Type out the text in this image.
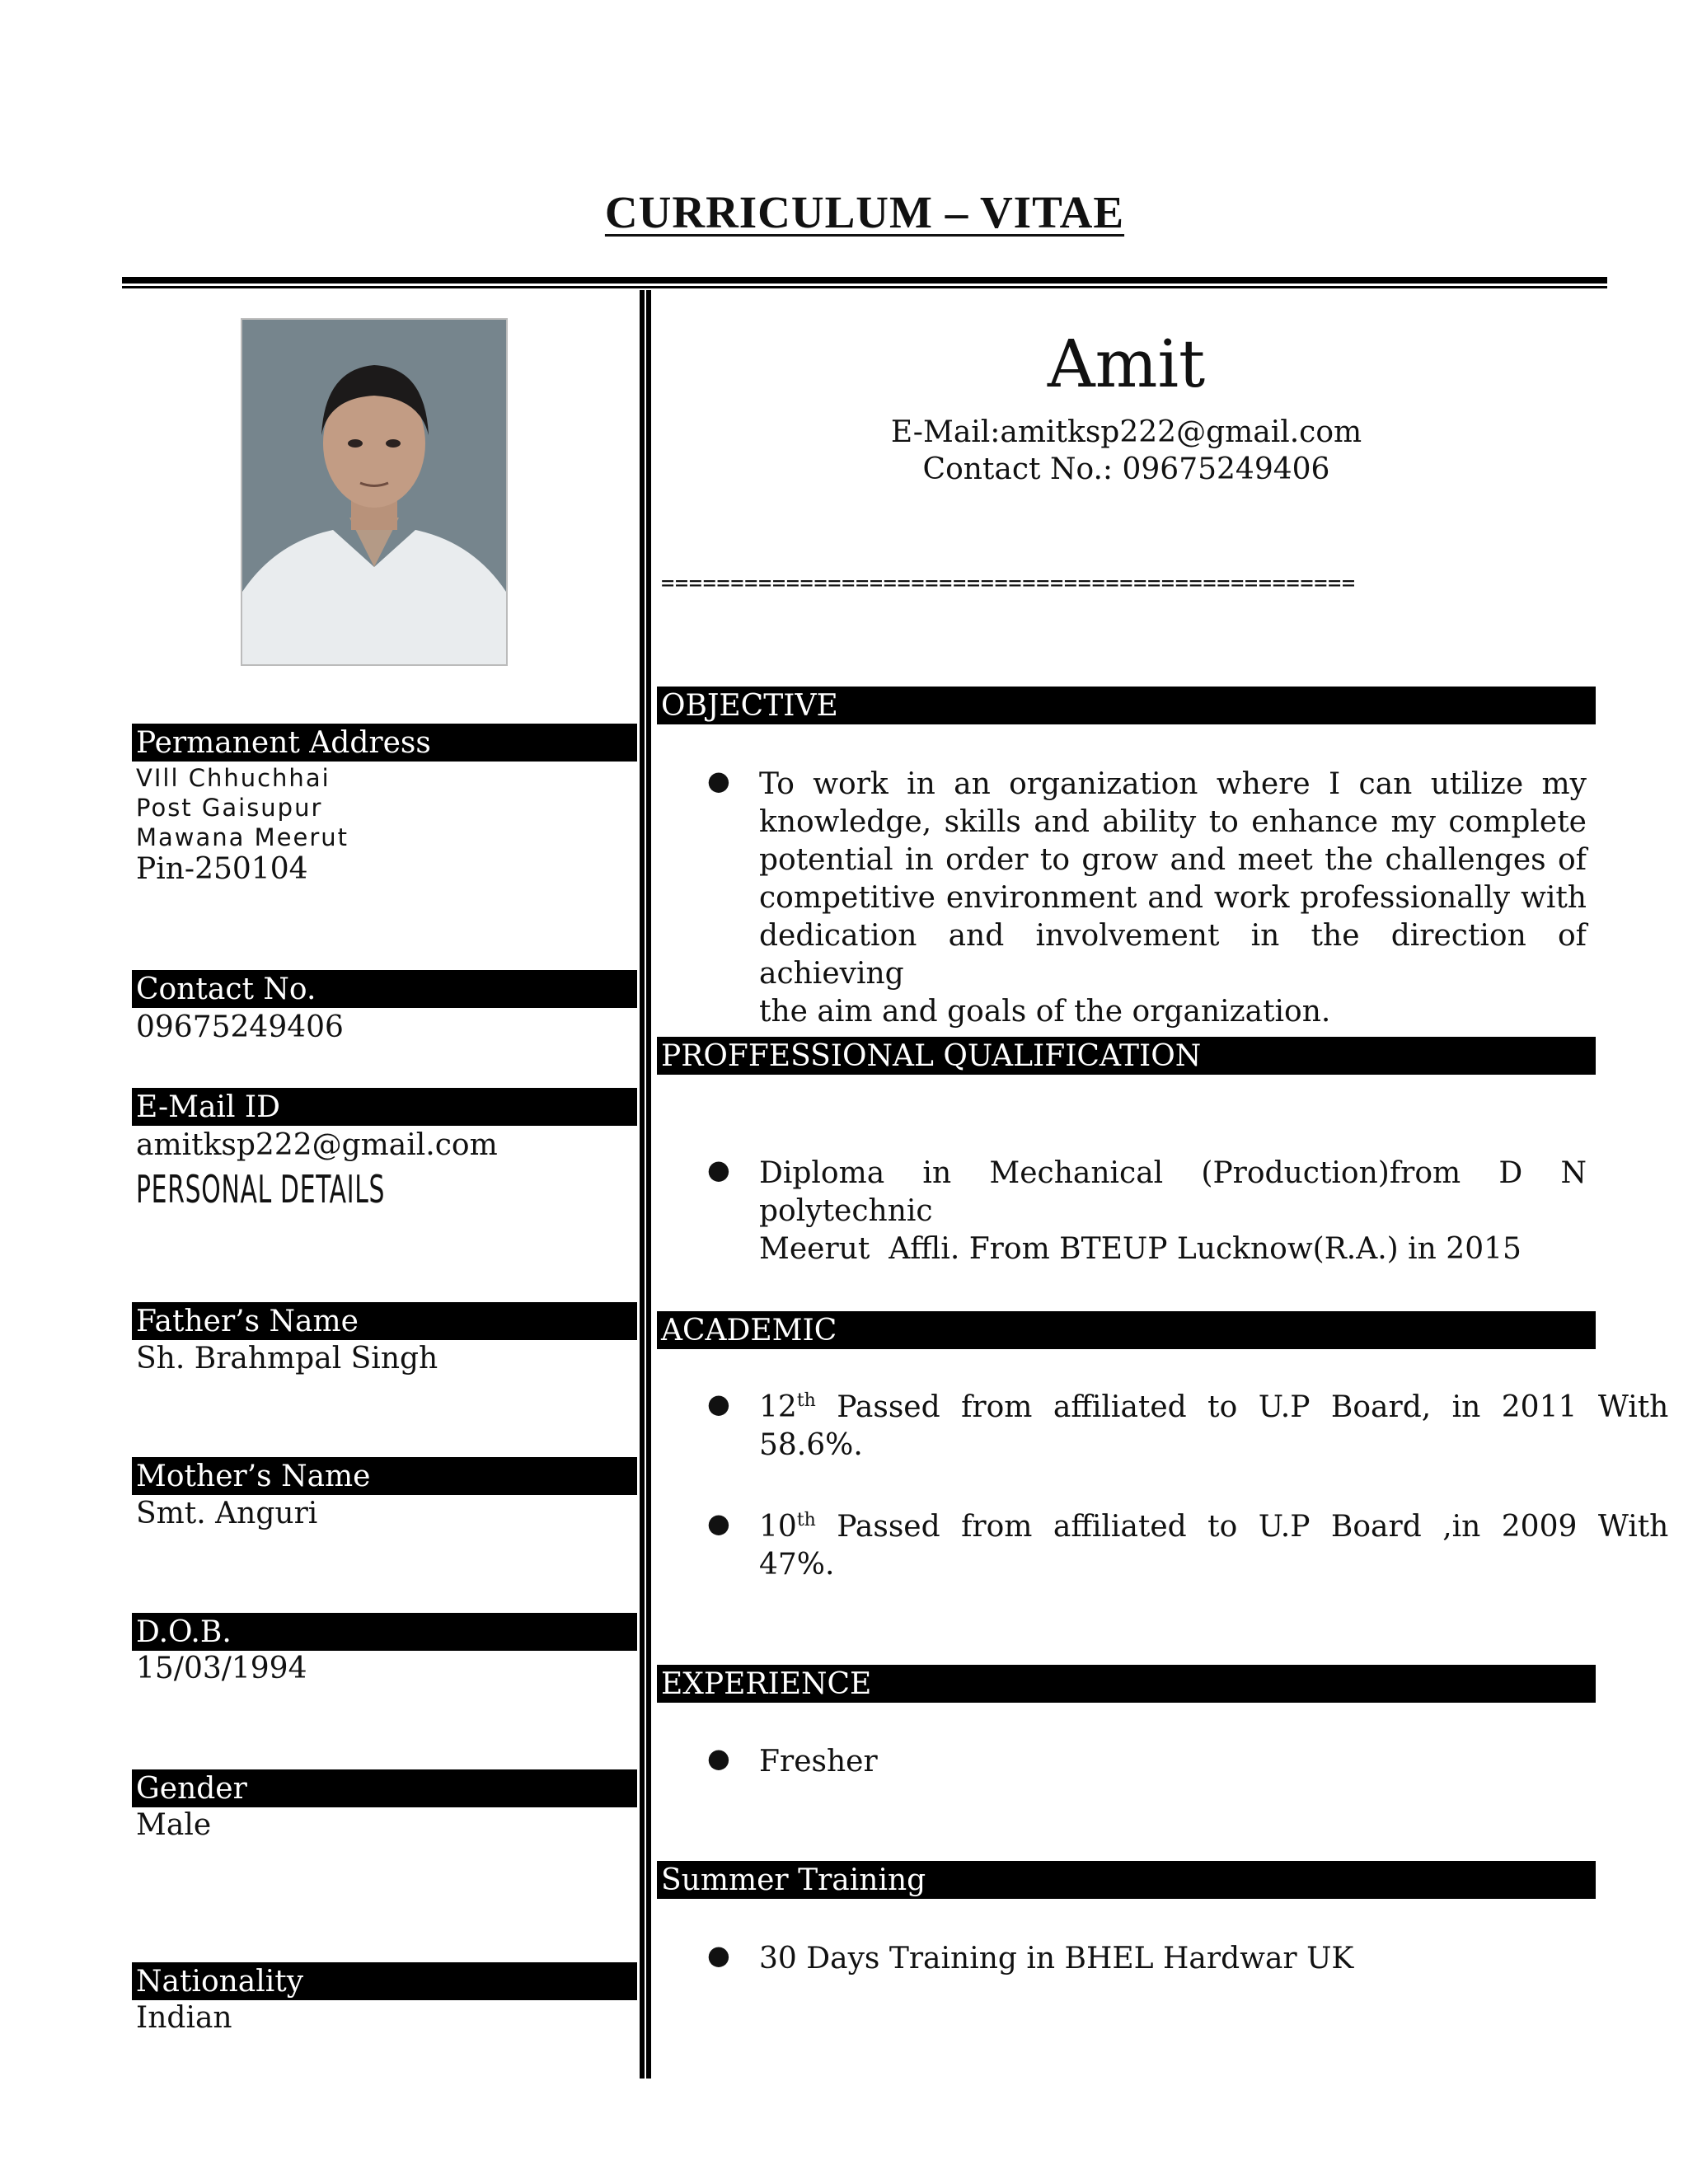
CURRICULUM – VITAE
Permanent Address
VIll Chhuchhai
Post Gaisupur
Mawana Meerut
Pin-250104
Contact No.
09675249406
E-Mail ID
amitksp222@gmail.com
PERSONAL DETAILS
Father’s Name
Sh. Brahmpal Singh
Mother’s Name
Smt. Anguri
D.O.B.
15/03/1994
Gender
Male
Nationality
Indian
Amit
E-Mail:amitksp222@gmail.com
Contact No.: 09675249406
==================================================
OBJECTIVE
● To work in an organization where I can utilize my
knowledge, skills and ability to enhance my complete
potential in order to grow and meet the challenges of
competitive environment and work professionally with
dedication and involvement in the direction of achieving
the aim and goals of the organization.
PROFFESSIONAL QUALIFICATION
● Diploma in Mechanical (Production)from D N polytechnic
Meerut  Affli. From BTEUP Lucknow(R.A.) in 2015
ACADEMIC
● 12th Passed from affiliated to U.P Board, in 2011 With
58.6%.
● 10th Passed from affiliated to U.P Board ,in 2009 With
47%.
EXPERIENCE
● Fresher
Summer Training
● 30 Days Training in BHEL Hardwar UK
